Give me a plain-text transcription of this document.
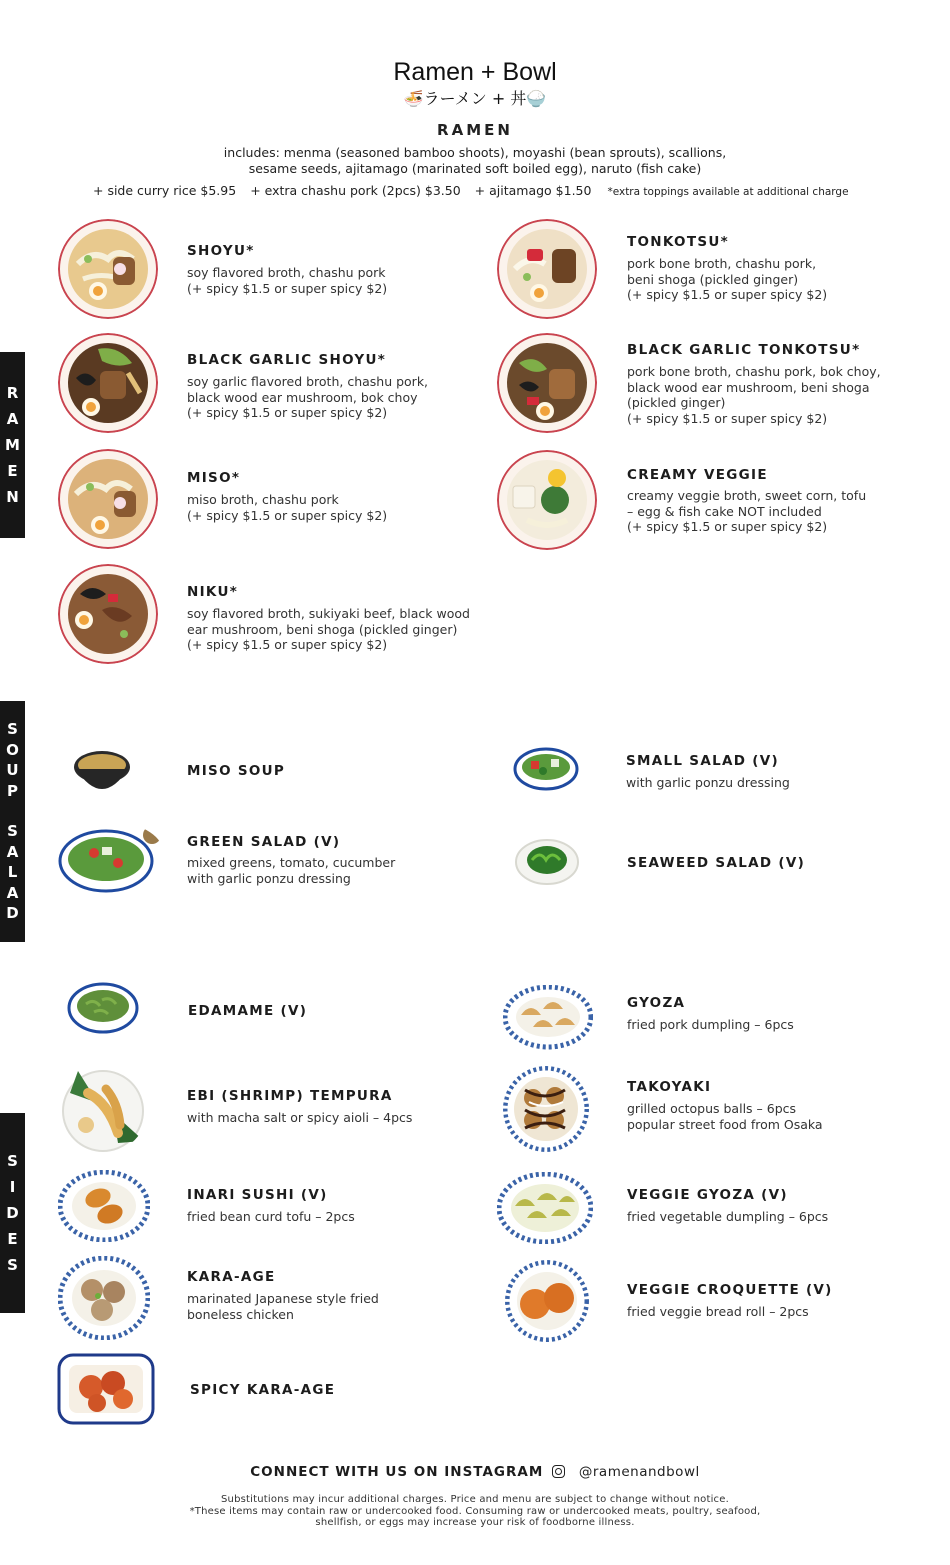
Ramen + Bowl
🍜ラーメン + 丼🍚
RAMEN
includes: menma (seasoned bamboo shoots), moyashi (bean sprouts), scallions,
sesame seeds, ajitamago (marinated soft boiled egg), naruto (fish cake)
+ side curry rice $5.95 + extra chashu pork (2pcs) $3.50 + ajitamago $1.50 *extra toppings available at additional charge
R
A
M
E
N
S
O
U
P
S
A
L
A
D
S
I
D
E
S
SHOYU*
soy flavored broth, chashu pork
(+ spicy $1.5 or super spicy $2)
TONKOTSU*
pork bone broth, chashu pork,
beni shoga (pickled ginger)
(+ spicy $1.5 or super spicy $2)
BLACK GARLIC SHOYU*
soy garlic flavored broth, chashu pork,
black wood ear mushroom, bok choy
(+ spicy $1.5 or super spicy $2)
BLACK GARLIC TONKOTSU*
pork bone broth, chashu pork, bok choy,
black wood ear mushroom, beni shoga
(pickled ginger)
(+ spicy $1.5 or super spicy $2)
MISO*
miso broth, chashu pork
(+ spicy $1.5 or super spicy $2)
CREAMY VEGGIE
creamy veggie broth, sweet corn, tofu
– egg & fish cake NOT included
(+ spicy $1.5 or super spicy $2)
NIKU*
soy flavored broth, sukiyaki beef, black wood
ear mushroom, beni shoga (pickled ginger)
(+ spicy $1.5 or super spicy $2)
MISO SOUP
SMALL SALAD (V)
with garlic ponzu dressing
GREEN SALAD (V)
mixed greens, tomato, cucumber
with garlic ponzu dressing
SEAWEED SALAD (V)
EDAMAME (V)	GYOZA
fried pork dumpling – 6pcs
EBI (SHRIMP) TEMPURA
with macha salt or spicy aioli – 4pcs
TAKOYAKI
grilled octopus balls – 6pcs
popular street food from Osaka
INARI SUSHI (V)
fried bean curd tofu – 2pcs
VEGGIE GYOZA (V)
fried vegetable dumpling – 6pcs
KARA-AGE
marinated Japanese style fried
boneless chicken
VEGGIE CROQUETTE (V)
fried veggie bread roll – 2pcs
SPICY KARA-AGE
CONNECT WITH US ON INSTAGRAM	@ramenandbowl
Substitutions may incur additional charges. Price and menu are subject to change without notice.
*These items may contain raw or undercooked food. Consuming raw or undercooked meats, poultry, seafood,
shellfish, or eggs may increase your risk of foodborne illness.
